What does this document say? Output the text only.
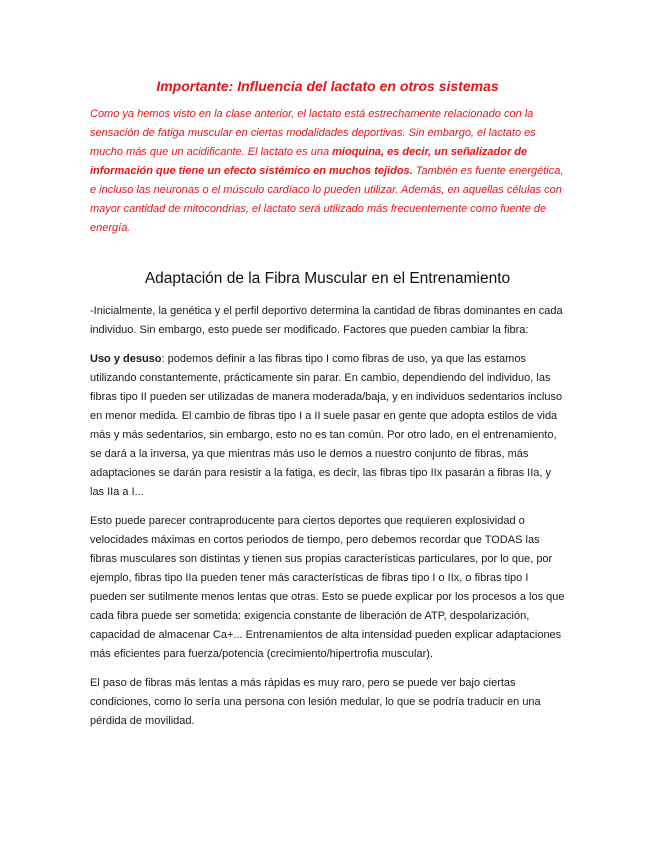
Importante: Influencia del lactato en otros sistemas
Como ya hemos visto en la clase anterior, el lactato está estrechamente relacionado con la sensación de fatiga muscular en ciertas modalidades deportivas. Sin embargo, el lactato es mucho más que un acidificante. El lactato es una mioquina, es decir, un señalizador de información que tiene un efecto sistémico en muchos tejidos. También es fuente energética, e incluso las neuronas o el músculo cardíaco lo pueden utilizar. Además, en aquellas células con mayor cantidad de mitocondrias, el lactato será utilizado más frecuentemente como fuente de energía.
Adaptación de la Fibra Muscular en el Entrenamiento

-Inicialmente, la genética y el perfil deportivo determina la cantidad de fibras dominantes en cada individuo. Sin embargo, esto puede ser modificado. Factores que pueden cambiar la fibra:

Uso y desuso: podemos definir a las fibras tipo I como fibras de uso, ya que las estamos utilizando constantemente, prácticamente sin parar. En cambio, dependiendo del individuo, las fibras tipo II pueden ser utilizadas de manera moderada/baja, y en individuos sedentarios incluso en menor medida. El cambio de fibras tipo I a II suele pasar en gente que adopta estilos de vida más y más sedentarios, sin embargo, esto no es tan común. Por otro lado, en el entrenamiento, se dará a la inversa, ya que mientras más uso le demos a nuestro conjunto de fibras, más adaptaciones se darán para resistir a la fatiga, es decir, las fibras tipo IIx pasarán a fibras IIa, y las IIa a I...

Esto puede parecer contraproducente para ciertos deportes que requieren explosividad o velocidades máximas en cortos periodos de tiempo, pero debemos recordar que TODAS las fibras musculares son distintas y tienen sus propias características particulares, por lo que, por ejemplo, fibras tipo IIa pueden tener más características de fibras tipo I o IIx, o fibras tipo I pueden ser sutilmente menos lentas que otras. Esto se puede explicar por los procesos a los que cada fibra puede ser sometida: exigencia constante de liberación de ATP, despolarización, capacidad de almacenar Ca+... Entrenamientos de alta intensidad pueden explicar adaptaciones más eficientes para fuerza/potencia (crecimiento/hipertrofia muscular).

El paso de fibras más lentas a más rápidas es muy raro, pero se puede ver bajo ciertas condiciones, como lo sería una persona con lesión medular, lo que se podría traducir en una pérdida de movilidad.
